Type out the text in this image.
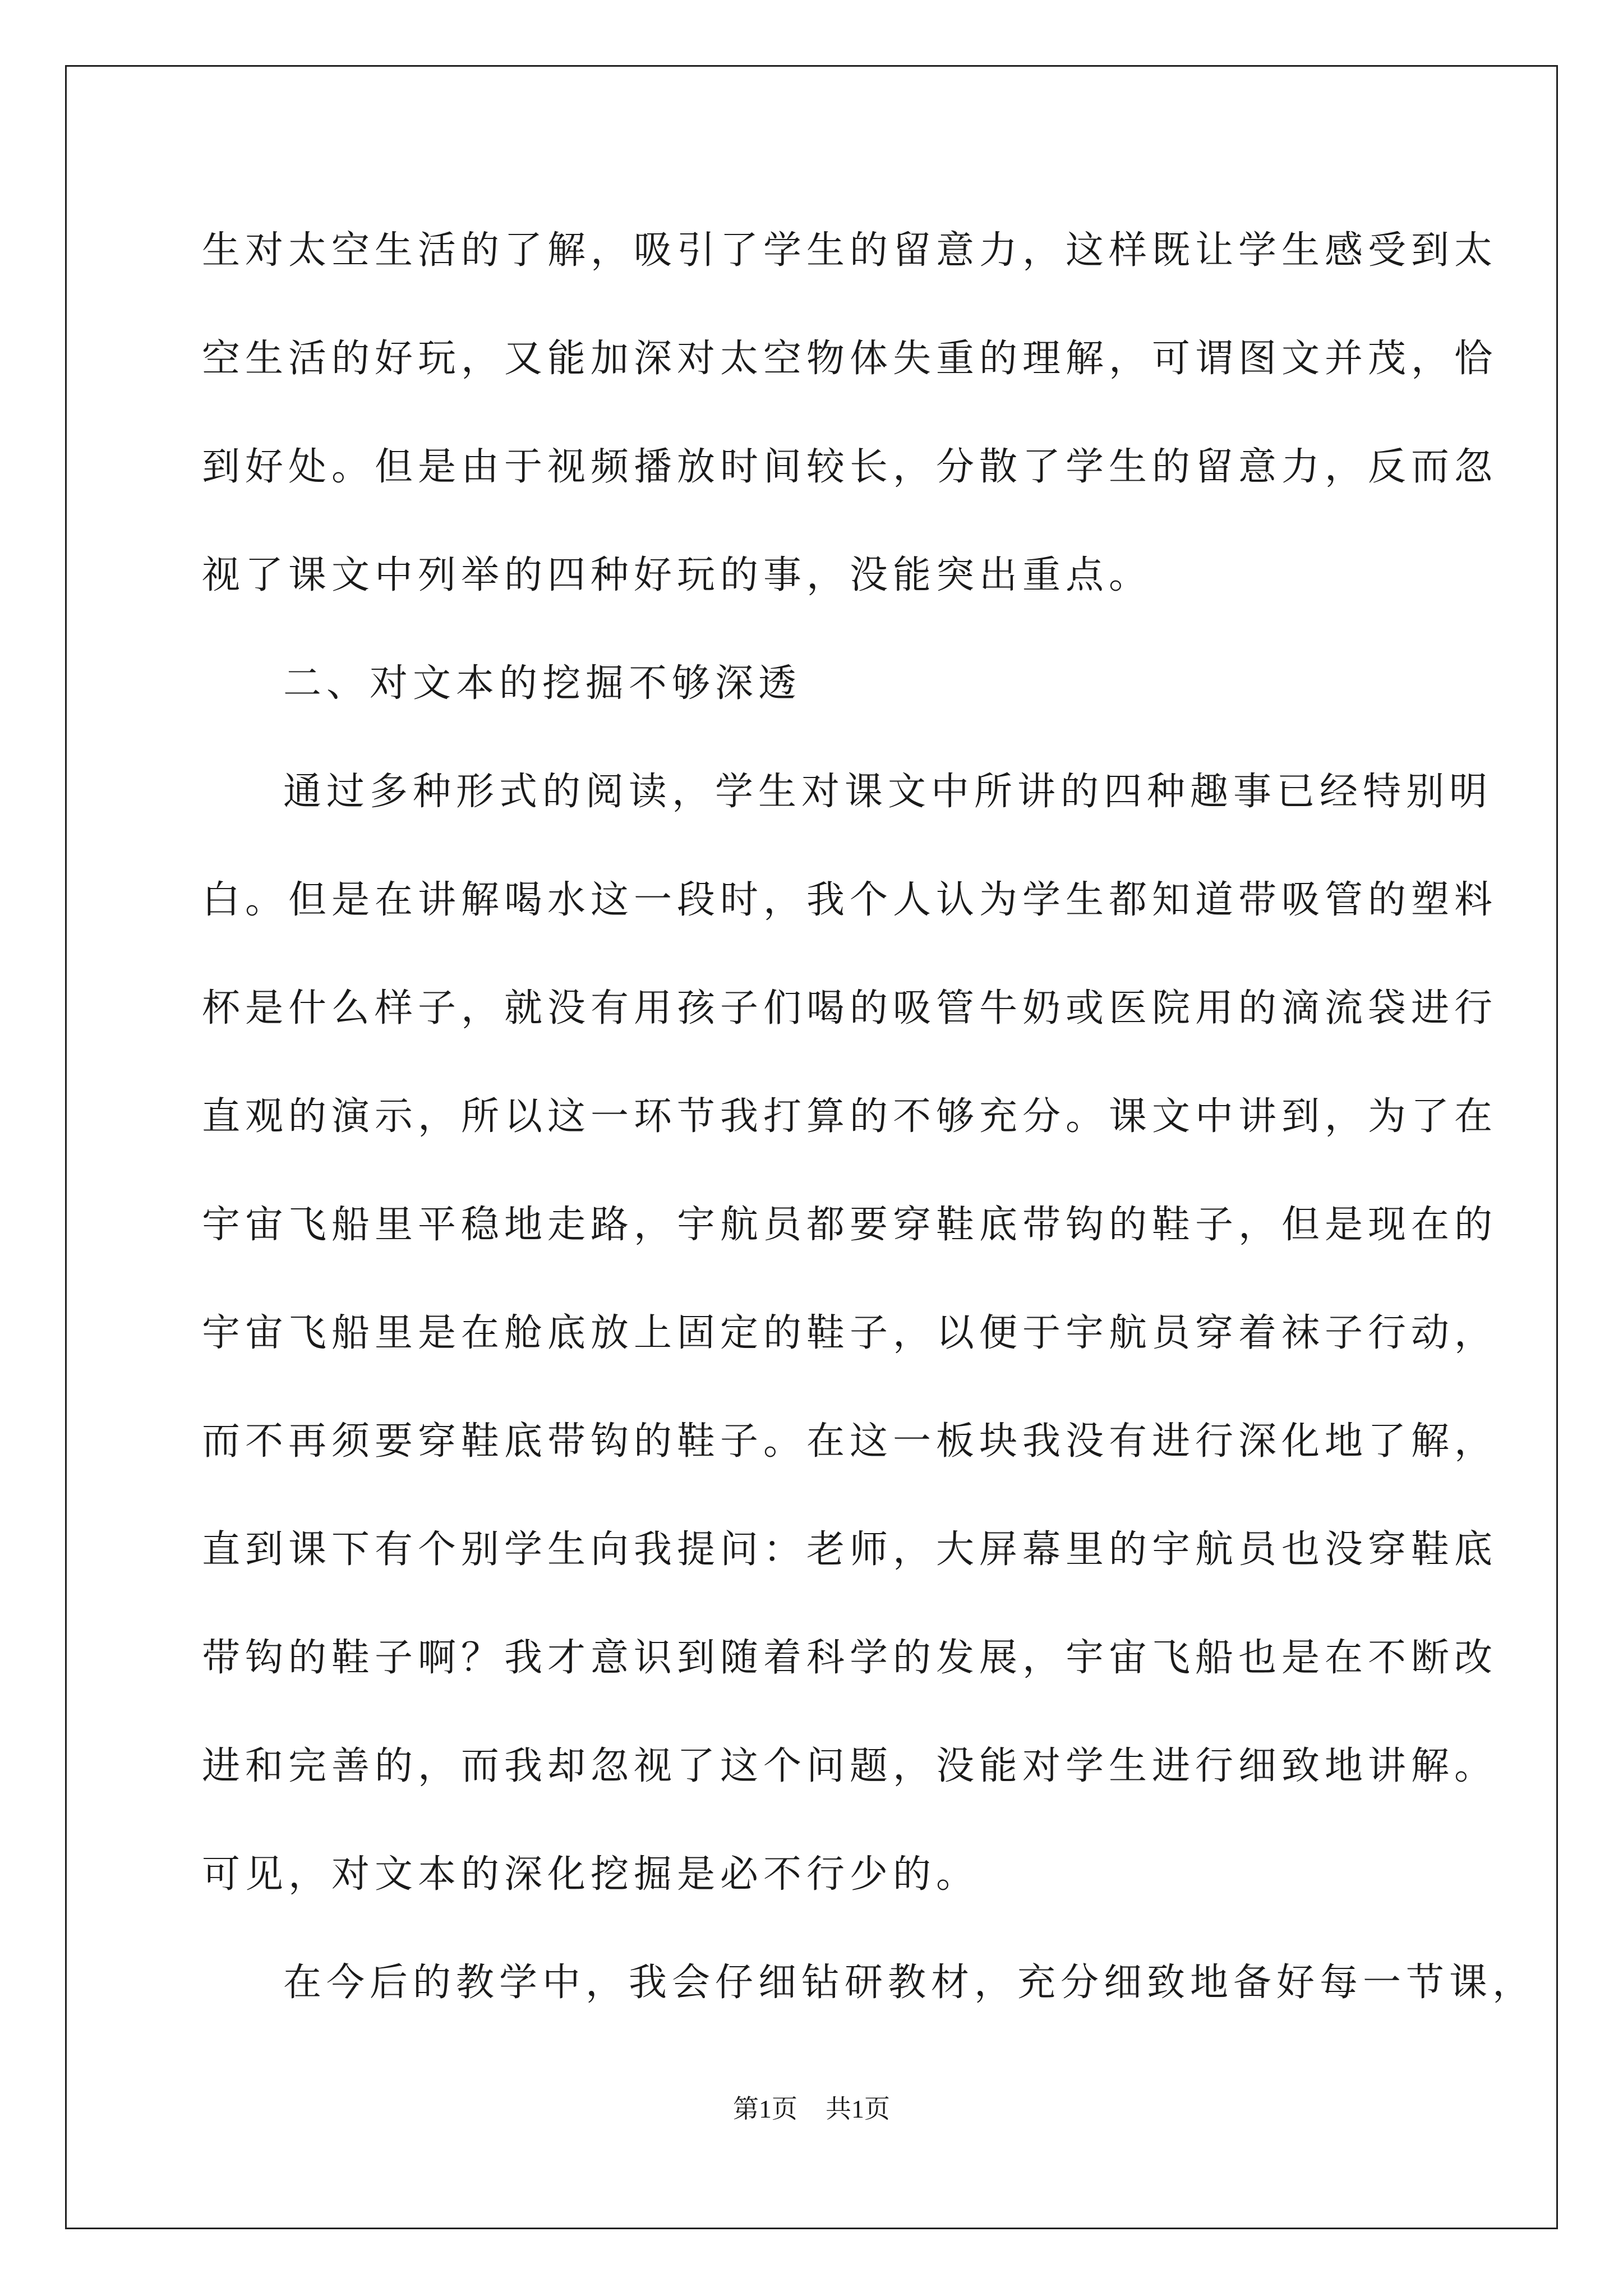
生对太空生活的了解，吸引了学生的留意力，这样既让学生感受到太
空生活的好玩，又能加深对太空物体失重的理解，可谓图文并茂，恰
到好处。但是由于视频播放时间较长，分散了学生的留意力，反而忽
视了课文中列举的四种好玩的事，没能突出重点。
二、对文本的挖掘不够深透
通过多种形式的阅读，学生对课文中所讲的四种趣事已经特别明
白。但是在讲解喝水这一段时，我个人认为学生都知道带吸管的塑料
杯是什么样子，就没有用孩子们喝的吸管牛奶或医院用的滴流袋进行
直观的演示，所以这一环节我打算的不够充分。课文中讲到，为了在
宇宙飞船里平稳地走路，宇航员都要穿鞋底带钩的鞋子，但是现在的
宇宙飞船里是在舱底放上固定的鞋子，以便于宇航员穿着袜子行动，
而不再须要穿鞋底带钩的鞋子。在这一板块我没有进行深化地了解，
直到课下有个别学生向我提问：老师，大屏幕里的宇航员也没穿鞋底
带钩的鞋子啊？我才意识到随着科学的发展，宇宙飞船也是在不断改
进和完善的，而我却忽视了这个问题，没能对学生进行细致地讲解。
可见，对文本的深化挖掘是必不行少的。
在今后的教学中，我会仔细钻研教材，充分细致地备好每一节课，
第1页 共1页
